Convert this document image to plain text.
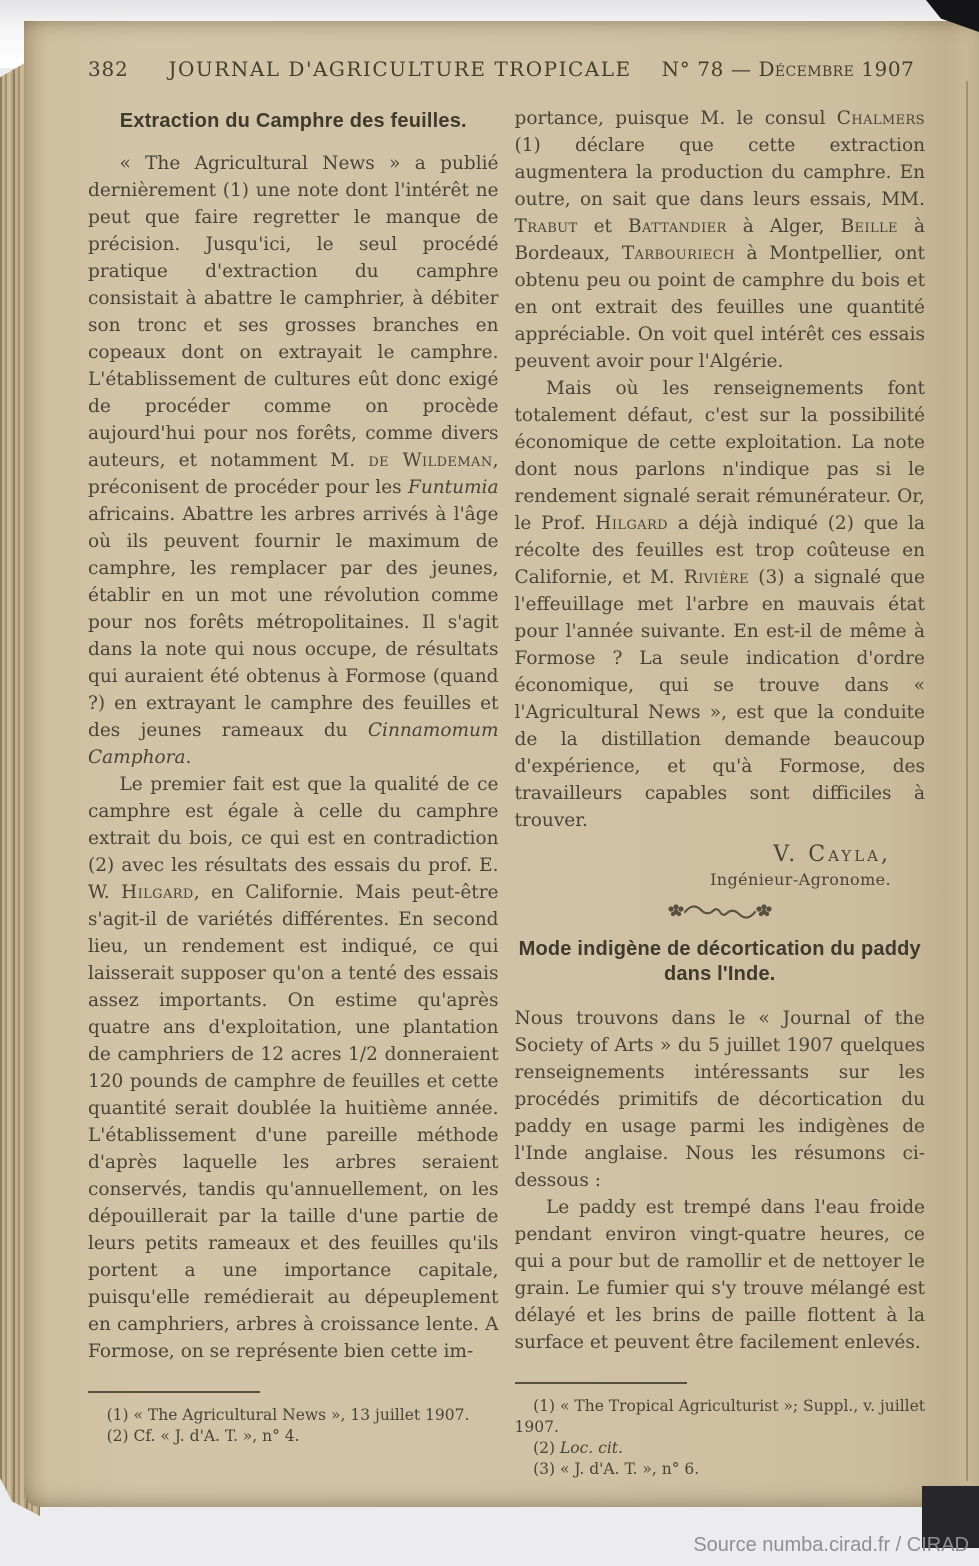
382	JOURNAL D'AGRICULTURE TROPICALE N° 78 — Décembre 1907
Extraction du Camphre des feuilles.

« The Agricultural News » a publié dernièrement (1) une note dont l'intérêt ne peut que faire regretter le manque de précision. Jusqu'ici, le seul procédé pratique d'extraction du camphre consistait à abattre le camphrier, à débiter son tronc et ses grosses branches en copeaux dont on extrayait le camphre. L'établissement de cultures eût donc exigé de procéder comme on procède aujourd'hui pour nos forêts, comme divers auteurs, et notamment M. de Wildeman, préconisent de procéder pour les Funtumia africains. Abattre les arbres arrivés à l'âge où ils peuvent fournir le maximum de camphre, les remplacer par des jeunes, établir en un mot une révolution comme pour nos forêts métropolitaines. Il s'agit dans la note qui nous occupe, de résultats qui auraient été obtenus à Formose (quand ?) en extrayant le camphre des feuilles et des jeunes rameaux du Cinnamomum Camphora.

Le premier fait est que la qualité de ce camphre est égale à celle du camphre extrait du bois, ce qui est en contradiction (2) avec les résultats des essais du prof. E. W. Hilgard, en Californie. Mais peut-être s'agit-il de variétés différentes. En second lieu, un rendement est indiqué, ce qui laisserait supposer qu'on a tenté des essais assez importants. On estime qu'après quatre ans d'exploitation, une plantation de camphriers de 12 acres 1/2 donneraient 120 pounds de camphre de feuilles et cette quantité serait doublée la huitième année. L'établissement d'une pareille méthode d'après laquelle les arbres seraient conservés, tandis qu'annuellement, on les dépouillerait par la taille d'une partie de leurs petits rameaux et des feuilles qu'ils portent a une importance capitale, puisqu'elle remédierait au dépeuplement en camphriers, arbres à croissance lente. A Formose, on se représente bien cette im-

(1) « The Agricultural News », 13 juillet 1907.

(2) Cf. « J. d'A. T. », n° 4.

portance, puisque M. le consul Chalmers (1) déclare que cette extraction augmentera la production du camphre. En outre, on sait que dans leurs essais, MM. Trabut et Battandier à Alger, Beille à Bordeaux, Tarbouriech à Montpellier, ont obtenu peu ou point de camphre du bois et en ont extrait des feuilles une quantité appréciable. On voit quel intérêt ces essais peuvent avoir pour l'Algérie.

Mais où les renseignements font totalement défaut, c'est sur la possibilité économique de cette exploitation. La note dont nous parlons n'indique pas si le rendement signalé serait rémunérateur. Or, le Prof. Hilgard a déjà indiqué (2) que la récolte des feuilles est trop coûteuse en Californie, et M. Rivière (3) a signalé que l'effeuillage met l'arbre en mauvais état pour l'année suivante. En est-il de même à Formose ? La seule indication d'ordre économique, qui se trouve dans « l'Agricultural News », est que la conduite de la distillation demande beaucoup d'expérience, et qu'à Formose, des travailleurs capables sont difficiles à trouver.

V. Cayla,
Ingénieur-Agronome.
Mode indigène de décortication du paddy dans l'Inde.

Nous trouvons dans le « Journal of the Society of Arts » du 5 juillet 1907 quelques renseignements intéressants sur les procédés primitifs de décortication du paddy en usage parmi les indigènes de l'Inde anglaise. Nous les résumons ci-dessous :

Le paddy est trempé dans l'eau froide pendant environ vingt-quatre heures, ce qui a pour but de ramollir et de nettoyer le grain. Le fumier qui s'y trouve mélangé est délayé et les brins de paille flottent à la surface et peuvent être facilement enlevés.

(1) « The Tropical Agriculturist »; Suppl., v. juillet 1907.

(2) Loc. cit.

(3) « J. d'A. T. », n° 6.

Source numba.cirad.fr / CIRAD
